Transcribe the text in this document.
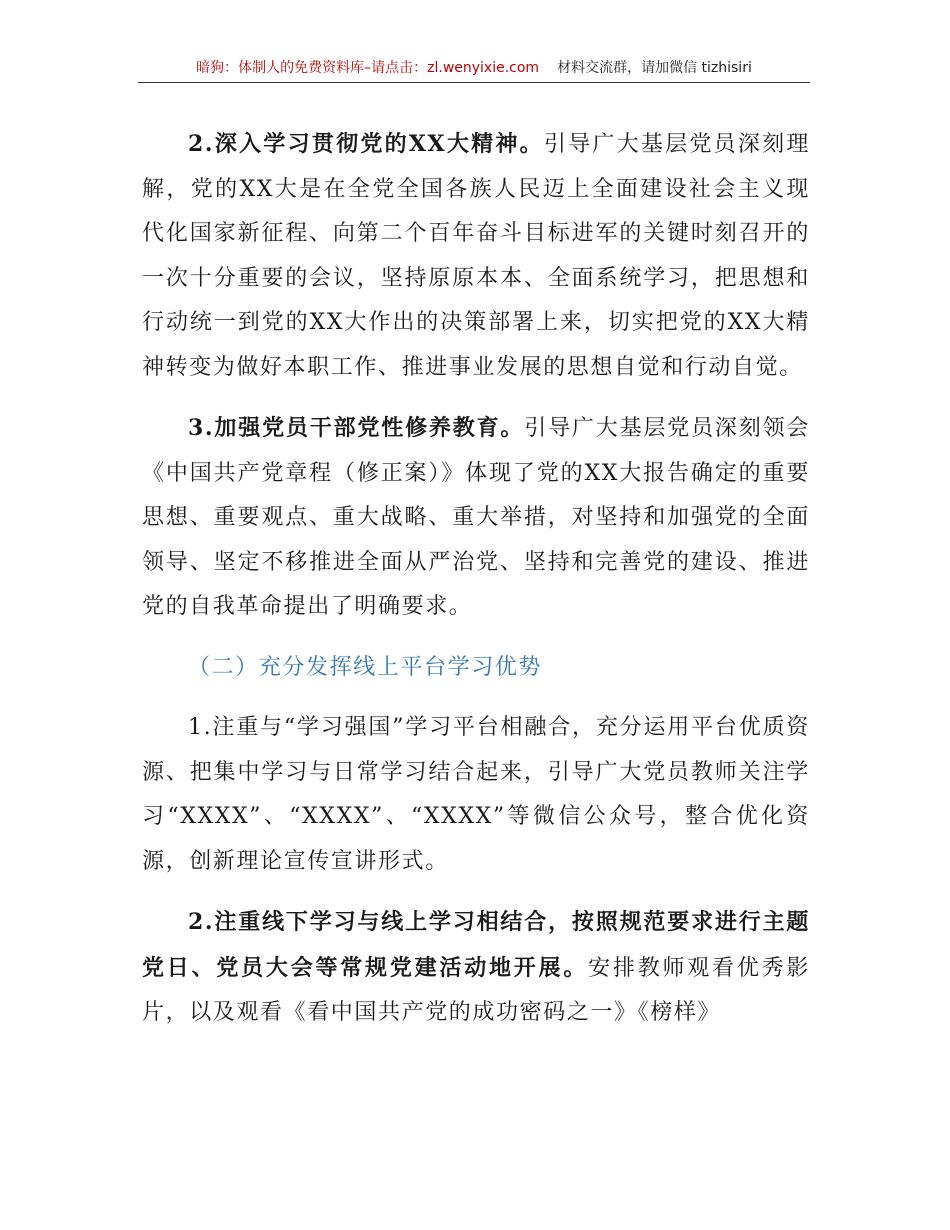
暗狗：体制人的免费资料库–请点击：zl.wenyixie.com 材料交流群，请加微信 tizhisiri

2.深入学习贯彻党的XX大精神。引导广大基层党员深刻理解，党的XX大是在全党全国各族人民迈上全面建设社会主义现代化国家新征程、向第二个百年奋斗目标进军的关键时刻召开的一次十分重要的会议，坚持原原本本、全面系统学习，把思想和行动统一到党的XX大作出的决策部署上来，切实把党的XX大精神转变为做好本职工作、推进事业发展的思想自觉和行动自觉。

3.加强党员干部党性修养教育。引导广大基层党员深刻领会《中国共产党章程（修正案）》体现了党的XX大报告确定的重要思想、重要观点、重大战略、重大举措，对坚持和加强党的全面领导、坚定不移推进全面从严治党、坚持和完善党的建设、推进党的自我革命提出了明确要求。

（二）充分发挥线上平台学习优势

1.注重与“学习强国”学习平台相融合，充分运用平台优质资源、把集中学习与日常学习结合起来，引导广大党员教师关注学习“XXXX”、“XXXX”、“XXXX”等微信公众号，整合优化资源，创新理论宣传宣讲形式。

2.注重线下学习与线上学习相结合，按照规范要求进行主题党日、党员大会等常规党建活动地开展。安排教师观看优秀影片，以及观看《看中国共产党的成功密码之一》《榜样》
